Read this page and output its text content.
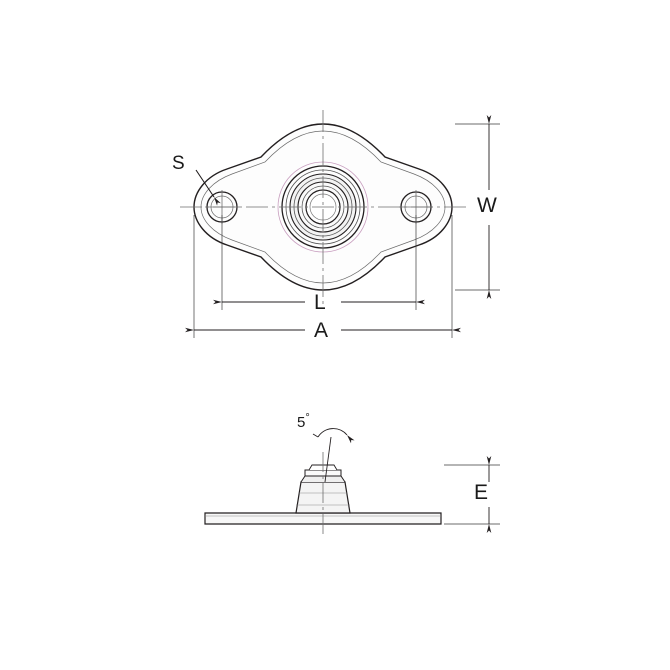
S
W
L
A
E
5°
